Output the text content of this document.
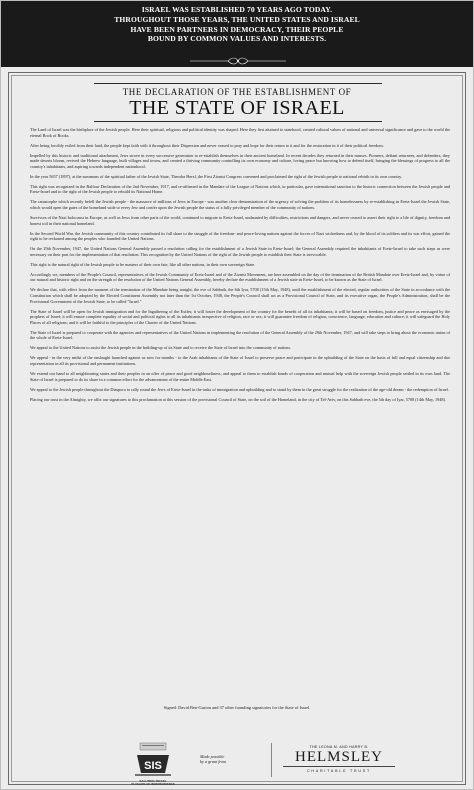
ISRAEL WAS ESTABLISHED 70 YEARS AGO TODAY.
THROUGHOUT THOSE YEARS, THE UNITED STATES AND ISRAEL
HAVE BEEN PARTNERS IN DEMOCRACY, THEIR PEOPLE
BOUND BY COMMON VALUES AND INTERESTS.
THE DECLARATION OF THE ESTABLISHMENT OF
THE STATE OF ISRAEL

The Land of Israel was the birthplace of the Jewish people. Here their spiritual, religious and political identity was shaped. Here they first attained to statehood, created cultural values of national and universal significance and gave to the world the eternal Book of Books.

After being forcibly exiled from their land, the people kept faith with it throughout their Dispersion and never ceased to pray and hope for their return to it and for the restoration in it of their political freedom.

Impelled by this historic and traditional attachment, Jews strove in every successive generation to re-establish themselves in their ancient homeland. In recent decades they returned in their masses. Pioneers, defiant returnees, and defenders, they made deserts bloom, revived the Hebrew language, built villages and towns, and created a thriving community controlling its own economy and culture, loving peace but knowing how to defend itself, bringing the blessings of progress to all the country's inhabitants, and aspiring towards independent nationhood.

In the year 5657 (1897), at the summons of the spiritual father of the Jewish State, Theodor Herzl, the First Zionist Congress convened and proclaimed the right of the Jewish people to national rebirth in its own country.

This right was recognized in the Balfour Declaration of the 2nd November, 1917, and re-affirmed in the Mandate of the League of Nations which, in particular, gave international sanction to the historic connection between the Jewish people and Eretz-Israel and to the right of the Jewish people to rebuild its National Home.

The catastrophe which recently befell the Jewish people - the massacre of millions of Jews in Europe - was another clear demonstration of the urgency of solving the problem of its homelessness by re-establishing in Eretz-Israel the Jewish State, which would open the gates of the homeland wide to every Jew and confer upon the Jewish people the status of a fully privileged member of the community of nations.

Survivors of the Nazi holocaust in Europe, as well as Jews from other parts of the world, continued to migrate to Eretz-Israel, undaunted by difficulties, restrictions and dangers, and never ceased to assert their right to a life of dignity, freedom and honest toil in their national homeland.

In the Second World War, the Jewish community of this country contributed its full share to the struggle of the freedom- and peace-loving nations against the forces of Nazi wickedness and, by the blood of its soldiers and its war effort, gained the right to be reckoned among the peoples who founded the United Nations.

On the 29th November, 1947, the United Nations General Assembly passed a resolution calling for the establishment of a Jewish State in Eretz-Israel; the General Assembly required the inhabitants of Eretz-Israel to take such steps as were necessary on their part for the implementation of that resolution. This recognition by the United Nations of the right of the Jewish people to establish their State is irrevocable.

This right is the natural right of the Jewish people to be masters of their own fate, like all other nations, in their own sovereign State.

Accordingly we, members of the People's Council, representatives of the Jewish Community of Eretz-Israel and of the Zionist Movement, are here assembled on the day of the termination of the British Mandate over Eretz-Israel and, by virtue of our natural and historic right and on the strength of the resolution of the United Nations General Assembly, hereby declare the establishment of a Jewish state in Eretz-Israel, to be known as the State of Israel.

We declare that, with effect from the moment of the termination of the Mandate being tonight, the eve of Sabbath, the 6th Iyar, 5708 (15th May, 1948), until the establishment of the elected, regular authorities of the State in accordance with the Constitution which shall be adopted by the Elected Constituent Assembly not later than the 1st October, 1948, the People's Council shall act as a Provisional Council of State, and its executive organ, the People's Administration, shall be the Provisional Government of the Jewish State, to be called "Israel."

The State of Israel will be open for Jewish immigration and for the Ingathering of the Exiles; it will foster the development of the country for the benefit of all its inhabitants; it will be based on freedom, justice and peace as envisaged by the prophets of Israel; it will ensure complete equality of social and political rights to all its inhabitants irrespective of religion, race or sex; it will guarantee freedom of religion, conscience, language, education and culture; it will safeguard the Holy Places of all religions; and it will be faithful to the principles of the Charter of the United Nations.

The State of Israel is prepared to cooperate with the agencies and representatives of the United Nations in implementing the resolution of the General Assembly of the 29th November, 1947, and will take steps to bring about the economic union of the whole of Eretz-Israel.

We appeal to the United Nations to assist the Jewish people in the building-up of its State and to receive the State of Israel into the community of nations.

We appeal - in the very midst of the onslaught launched against us now for months - to the Arab inhabitants of the State of Israel to preserve peace and participate in the upbuilding of the State on the basis of full and equal citizenship and due representation in all its provisional and permanent institutions.

We extend our hand to all neighbouring states and their peoples in an offer of peace and good neighbourliness, and appeal to them to establish bonds of cooperation and mutual help with the sovereign Jewish people settled in its own land. The State of Israel is prepared to do its share in a common effort for the advancement of the entire Middle East.

We appeal to the Jewish people throughout the Diaspora to rally round the Jews of Eretz-Israel in the tasks of immigration and upbuilding and to stand by them in the great struggle for the realization of the age-old dream - the redemption of Israel.

Placing our trust in the Almighty, we affix our signatures to this proclamation at this session of the provisional Council of State, on the soil of the Homeland, in the city of Tel-Aviv, on this Sabbath eve, the 5th day of Iyar, 5708 (14th May, 1948).

Signed: David Ben-Gurion and 37 other founding signatories for the State of Israel.
SIS
SALUTING ISRAEL
70 YEARS OF INDEPENDENCE
Made possible
by a grant from
THE LEONA M. AND HARRY B.
HELMSLEY
CHARITABLE TRUST
